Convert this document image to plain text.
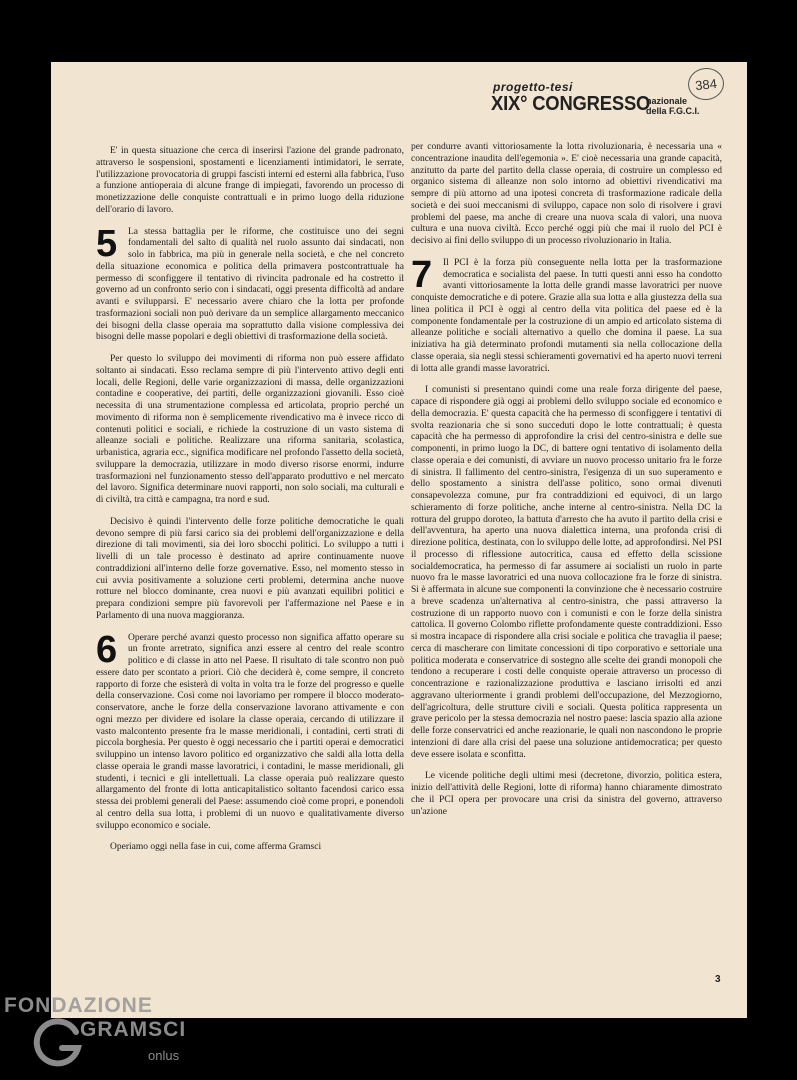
progetto-tesi
XIX° CONGRESSO
nazionale
della F.G.C.I.
384

E' in questa situazione che cerca di inserirsi l'azione del grande padronato, attraverso le sospensioni, spostamenti e licenziamenti intimidatori, le serrate, l'utilizzazione provocatoria di gruppi fascisti interni ed esterni alla fabbrica, l'uso a funzione antioperaia di alcune frange di impiegati, favorendo un processo di monetizzazione delle conquiste contrattuali e in primo luogo della riduzione dell'orario di lavoro.

5	La stessa battaglia per le riforme, che costituisce uno dei segni fondamentali del salto di qualità nel ruolo assunto dai sindacati, non solo in fabbrica, ma più in generale nella società, e che nel concreto della situazione economica e politica della primavera postcontrattuale ha permesso di sconfiggere il tentativo di rivincita padronale ed ha costretto il governo ad un confronto serio con i sindacati, oggi presenta difficoltà ad andare avanti e svilupparsi. E' necessario avere chiaro che la lotta per profonde trasformazioni sociali non può derivare da un semplice allargamento meccanico dei bisogni della classe operaia ma soprattutto dalla visione complessiva dei bisogni delle masse popolari e degli obiettivi di trasformazione della società.

Per questo lo sviluppo dei movimenti di riforma non può essere affidato soltanto ai sindacati. Esso reclama sempre di più l'intervento attivo degli enti locali, delle Regioni, delle varie organizzazioni di massa, delle organizzazioni contadine e cooperative, dei partiti, delle organizzazioni giovanili. Esso cioè necessita di una strumentazione complessa ed articolata, proprio perché un movimento di riforma non è semplicemente rivendicativo ma è invece ricco di contenuti politici e sociali, e richiede la costruzione di un vasto sistema di alleanze sociali e politiche. Realizzare una riforma sanitaria, scolastica, urbanistica, agraria ecc., significa modificare nel profondo l'assetto della società, sviluppare la democrazia, utilizzare in modo diverso risorse enormi, indurre trasformazioni nel funzionamento stesso dell'apparato produttivo e nel mercato del lavoro. Significa determinare nuovi rapporti, non solo sociali, ma culturali e di civiltà, tra città e campagna, tra nord e sud.

Decisivo è quindi l'intervento delle forze politiche democratiche le quali devono sempre di più farsi carico sia dei problemi dell'organizzazione e della direzione di tali movimenti, sia dei loro sbocchi politici. Lo sviluppo a tutti i livelli di un tale processo è destinato ad aprire continuamente nuove contraddizioni all'interno delle forze governative. Esso, nel momento stesso in cui avvia positivamente a soluzione certi problemi, determina anche nuove rotture nel blocco dominante, crea nuovi e più avanzati equilibri politici e prepara condizioni sempre più favorevoli per l'affermazione nel Paese e in Parlamento di una nuova maggioranza.

6	Operare perché avanzi questo processo non significa affatto operare su un fronte arretrato, significa anzi essere al centro del reale scontro politico e di classe in atto nel Paese. Il risultato di tale scontro non può essere dato per scontato a priori. Ciò che deciderà è, come sempre, il concreto rapporto di forze che esisterà di volta in volta tra le forze del progresso e quelle della conservazione. Così come noi lavoriamo per rompere il blocco moderato-conservatore, anche le forze della conservazione lavorano attivamente e con ogni mezzo per dividere ed isolare la classe operaia, cercando di utilizzare il vasto malcontento presente fra le masse meridionali, i contadini, certi strati di piccola borghesia. Per questo è oggi necessario che i partiti operai e democratici sviluppino un intenso lavoro politico ed organizzativo che saldi alla lotta della classe operaia le grandi masse lavoratrici, i contadini, le masse meridionali, gli studenti, i tecnici e gli intellettuali. La classe operaia può realizzare questo allargamento del fronte di lotta anticapitalistico soltanto facendosi carico essa stessa dei problemi generali del Paese: assumendo cioè come propri, e ponendoli al centro della sua lotta, i problemi di un nuovo e qualitativamente diverso sviluppo economico e sociale.

Operiamo oggi nella fase in cui, come afferma Gramsci

per condurre avanti vittoriosamente la lotta rivoluzionaria, è necessaria una « concentrazione inaudita dell'egemonia ». E' cioè necessaria una grande capacità, anzitutto da parte del partito della classe operaia, di costruire un complesso ed organico sistema di alleanze non solo intorno ad obiettivi rivendicativi ma sempre di più attorno ad una ipotesi concreta di trasformazione radicale della società e dei suoi meccanismi di sviluppo, capace non solo di risolvere i gravi problemi del paese, ma anche di creare una nuova scala di valori, una nuova cultura e una nuova civiltà. Ecco perché oggi più che mai il ruolo del PCI è decisivo ai fini dello sviluppo di un processo rivoluzionario in Italia.

7	Il PCI è la forza più conseguente nella lotta per la trasformazione democratica e socialista del paese. In tutti questi anni esso ha condotto avanti vittoriosamente la lotta delle grandi masse lavoratrici per nuove conquiste democratiche e di potere. Grazie alla sua lotta e alla giustezza della sua linea politica il PCI è oggi al centro della vita politica del paese ed è la componente fondamentale per la costruzione di un ampio ed articolato sistema di alleanze politiche e sociali alternativo a quello che domina il paese. La sua iniziativa ha già determinato profondi mutamenti sia nella collocazione della classe operaia, sia negli stessi schieramenti governativi ed ha aperto nuovi terreni di lotta alle grandi masse lavoratrici.

I comunisti si presentano quindi come una reale forza dirigente del paese, capace di rispondere già oggi ai problemi dello sviluppo sociale ed economico e della democrazia. E' questa capacità che ha permesso di sconfiggere i tentativi di svolta reazionaria che si sono succeduti dopo le lotte contrattuali; è questa capacità che ha permesso di approfondire la crisi del centro-sinistra e delle sue componenti, in primo luogo la DC, di battere ogni tentativo di isolamento della classe operaia e dei comunisti, di avviare un nuovo processo unitario fra le forze di sinistra. Il fallimento del centro-sinistra, l'esigenza di un suo superamento e dello spostamento a sinistra dell'asse politico, sono ormai divenuti consapevolezza comune, pur fra contraddizioni ed equivoci, di un largo schieramento di forze politiche, anche interne al centro-sinistra. Nella DC la rottura del gruppo doroteo, la battuta d'arresto che ha avuto il partito della crisi e dell'avventura, ha aperto una nuova dialettica interna, una profonda crisi di direzione politica, destinata, con lo sviluppo delle lotte, ad approfondirsi. Nel PSI il processo di riflessione autocritica, causa ed effetto della scissione socialdemocratica, ha permesso di far assumere ai socialisti un ruolo in parte nuovo fra le masse lavoratrici ed una nuova collocazione fra le forze di sinistra. Si è affermata in alcune sue componenti la convinzione che è necessario costruire a breve scadenza un'alternativa al centro-sinistra, che passi attraverso la costruzione di un rapporto nuovo con i comunisti e con le forze della sinistra cattolica. Il governo Colombo riflette profondamente queste contraddizioni. Esso si mostra incapace di rispondere alla crisi sociale e politica che travaglia il paese; cerca di mascherare con limitate concessioni di tipo corporativo e settoriale una politica moderata e conservatrice di sostegno alle scelte dei grandi monopoli che tendono a recuperare i costi delle conquiste operaie attraverso un processo di concentrazione e razionalizzazione produttiva e lasciano irrisolti ed anzi aggravano ulteriormente i grandi problemi dell'occupazione, del Mezzogiorno, dell'agricoltura, delle strutture civili e sociali. Questa politica rappresenta un grave pericolo per la stessa democrazia nel nostro paese: lascia spazio alla azione delle forze conservatrici ed anche reazionarie, le quali non nascondono le proprie intenzioni di dare alla crisi del paese una soluzione antidemocratica; per questo deve essere isolata e sconfitta.

Le vicende politiche degli ultimi mesi (decretone, divorzio, politica estera, inizio dell'attività delle Regioni, lotte di riforma) hanno chiaramente dimostrato che il PCI opera per provocare una crisi da sinistra del governo, attraverso un'azione

3
FONDAZIONE
GRAMSCI
onlus
